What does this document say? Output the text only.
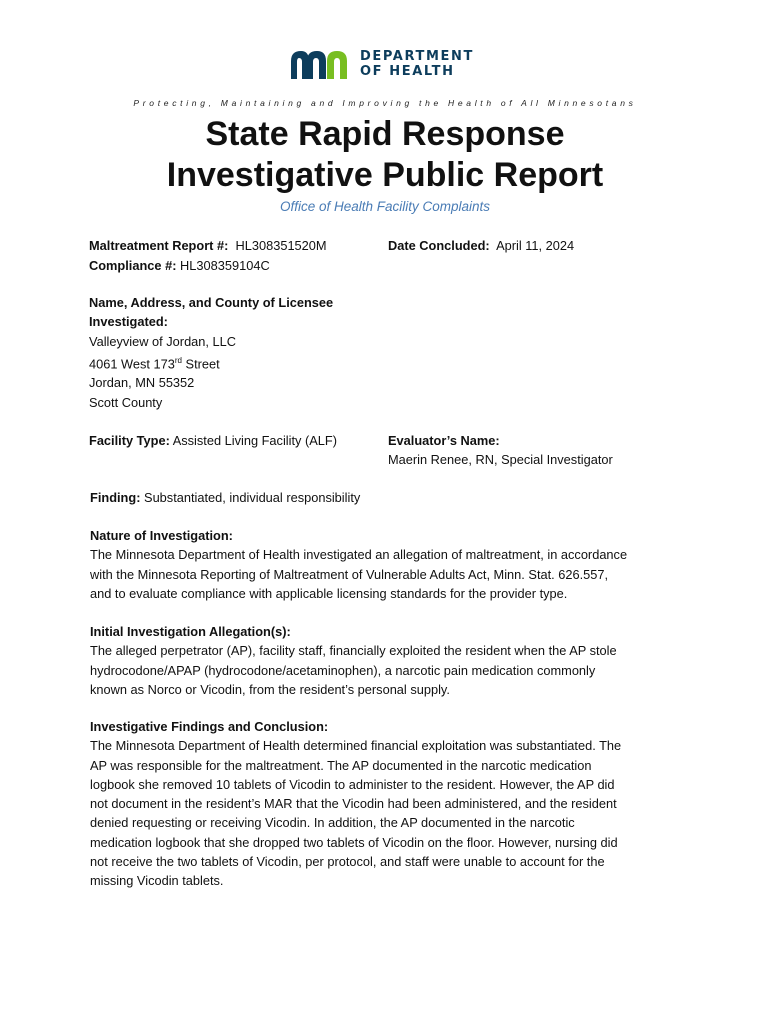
DEPARTMENT
OF HEALTH
Protecting, Maintaining and Improving the Health of All Minnesotans
State Rapid Response
Investigative Public Report
Office of Health Facility Complaints
Maltreatment Report #: HL308351520M
Compliance #: HL308359104C
Date Concluded: April 11, 2024
Name, Address, and County of Licensee
Investigated:
Valleyview of Jordan, LLC
4061 West 173rd Street
Jordan, MN 55352
Scott County
Facility Type: Assisted Living Facility (ALF)	Evaluator’s Name:
Maerin Renee, RN, Special Investigator
Finding: Substantiated, individual responsibility
Nature of Investigation:
The Minnesota Department of Health investigated an allegation of maltreatment, in accordance
with the Minnesota Reporting of Maltreatment of Vulnerable Adults Act, Minn. Stat. 626.557,
and to evaluate compliance with applicable licensing standards for the provider type.
Initial Investigation Allegation(s):
The alleged perpetrator (AP), facility staff, financially exploited the resident when the AP stole
hydrocodone/APAP (hydrocodone/acetaminophen), a narcotic pain medication commonly
known as Norco or Vicodin, from the resident’s personal supply.
Investigative Findings and Conclusion:
The Minnesota Department of Health determined financial exploitation was substantiated. The
AP was responsible for the maltreatment. The AP documented in the narcotic medication
logbook she removed 10 tablets of Vicodin to administer to the resident. However, the AP did
not document in the resident’s MAR that the Vicodin had been administered, and the resident
denied requesting or receiving Vicodin. In addition, the AP documented in the narcotic
medication logbook that she dropped two tablets of Vicodin on the floor. However, nursing did
not receive the two tablets of Vicodin, per protocol, and staff were unable to account for the
missing Vicodin tablets.
